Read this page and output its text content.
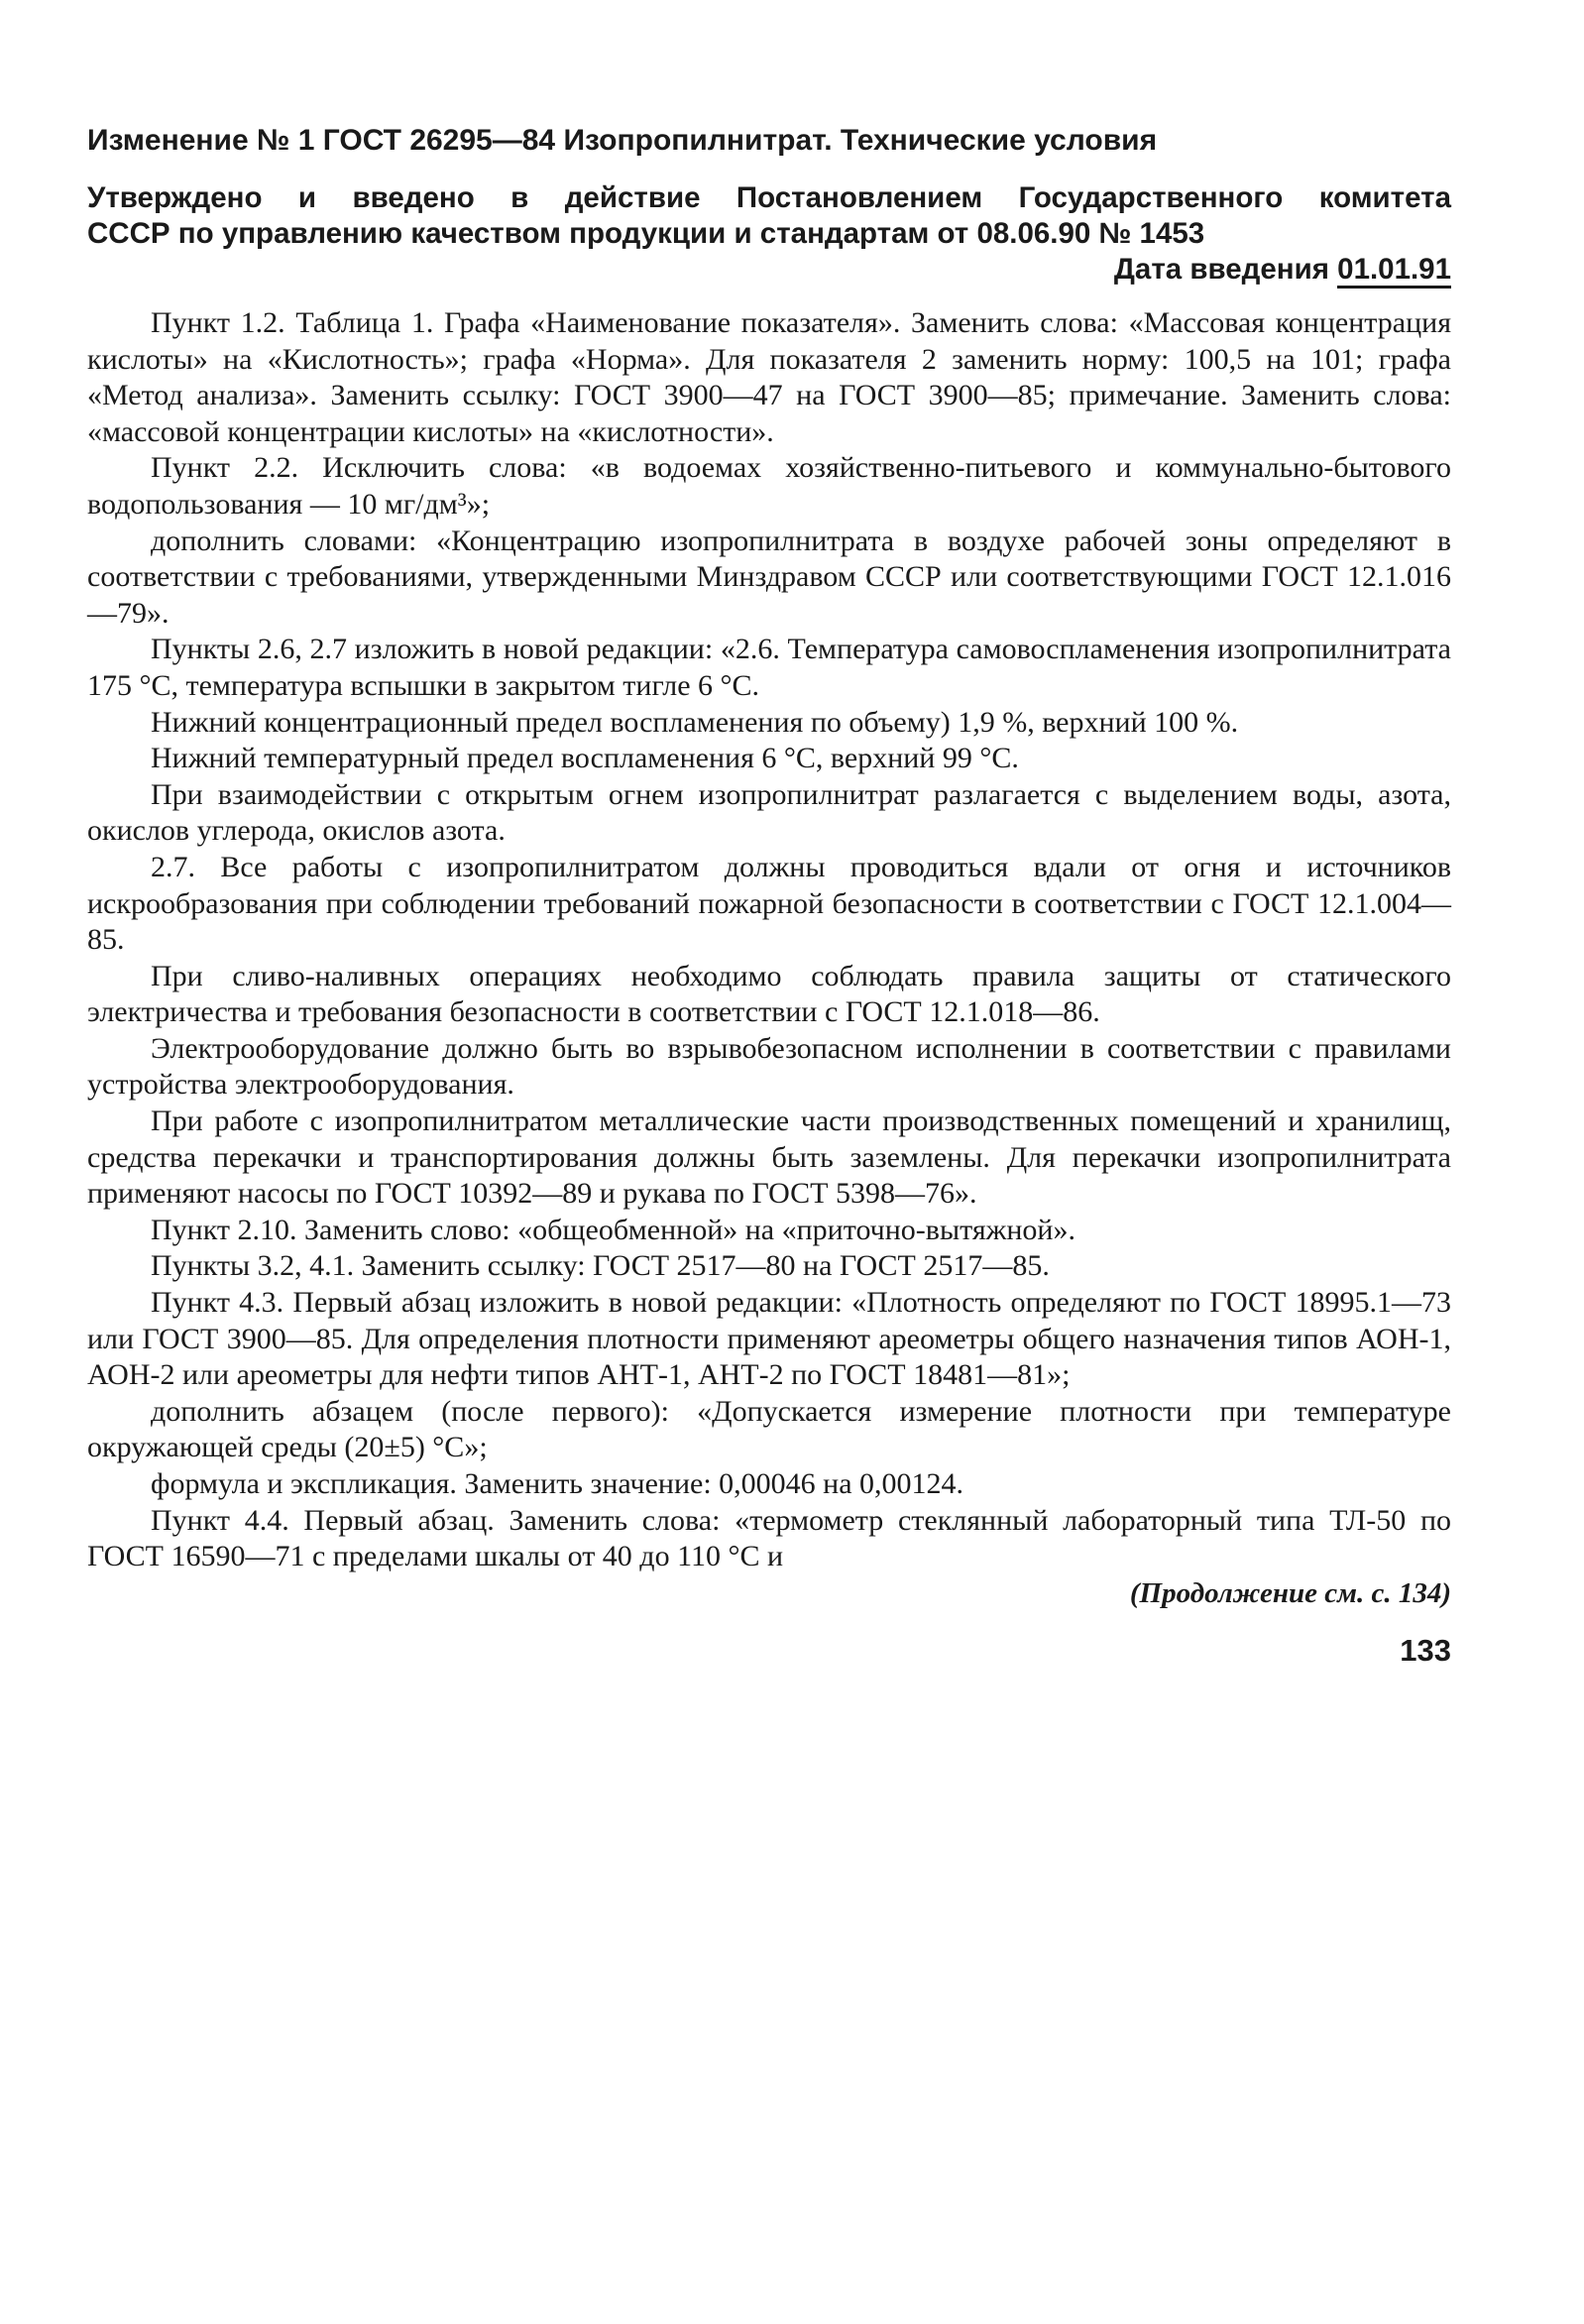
Изменение № 1 ГОСТ 26295—84 Изопропилнитрат. Технические условия
Утверждено и введено в действие Постановлением Государственного комитета
СССР по управлению качеством продукции и стандартам от 08.06.90 № 1453
Дата введения 01.01.91

Пункт 1.2. Таблица 1. Графа «Наименование показателя». Заменить слова: «Массовая концентрация кислоты» на «Кислотность»; графа «Норма». Для показателя 2 заменить норму: 100,5 на 101; графа «Метод анализа». Заменить ссылку: ГОСТ 3900—47 на ГОСТ 3900—85; примечание. Заменить слова: «массовой концентрации кислоты» на «кислотности».

Пункт 2.2. Исключить слова: «в водоемах хозяйственно-питьевого и коммунально-бытового водопользования — 10 мг/дм³»;

дополнить словами: «Концентрацию изопропилнитрата в воздухе рабочей зоны определяют в соответствии с требованиями, утвержденными Минздравом СССР или соответствующими ГОСТ 12.1.016—79».

Пункты 2.6, 2.7 изложить в новой редакции: «2.6. Температура самовоспламенения изопропилнитрата 175 °С, температура вспышки в закрытом тигле 6 °С.

Нижний концентрационный предел воспламенения по объему) 1,9 %, верхний 100 %.

Нижний температурный предел воспламенения 6 °С, верхний 99 °С.

При взаимодействии с открытым огнем изопропилнитрат разлагается с выделением воды, азота, окислов углерода, окислов азота.

2.7. Все работы с изопропилнитратом должны проводиться вдали от огня и источников искрообразования при соблюдении требований пожарной безопасности в соответствии с ГОСТ 12.1.004—85.

При сливо-наливных операциях необходимо соблюдать правила защиты от статического электричества и требования безопасности в соответствии с ГОСТ 12.1.018—86.

Электрооборудование должно быть во взрывобезопасном исполнении в соответствии с правилами устройства электрооборудования.

При работе с изопропилнитратом металлические части производственных помещений и хранилищ, средства перекачки и транспортирования должны быть заземлены. Для перекачки изопропилнитрата применяют насосы по ГОСТ 10392—89 и рукава по ГОСТ 5398—76».

Пункт 2.10. Заменить слово: «общеобменной» на «приточно-вытяжной».

Пункты 3.2, 4.1. Заменить ссылку: ГОСТ 2517—80 на ГОСТ 2517—85.

Пункт 4.3. Первый абзац изложить в новой редакции: «Плотность определяют по ГОСТ 18995.1—73 или ГОСТ 3900—85. Для определения плотности применяют ареометры общего назначения типов АОН-1, АОН-2 или ареометры для нефти типов АНТ-1, АНТ-2 по ГОСТ 18481—81»;

дополнить абзацем (после первого): «Допускается измерение плотности при температуре окружающей среды (20±5) °С»;

формула и экспликация. Заменить значение: 0,00046 на 0,00124.

Пункт 4.4. Первый абзац. Заменить слова: «термометр стеклянный лабораторный типа ТЛ-50 по ГОСТ 16590—71 с пределами шкалы от 40 до 110 °С и

(Продолжение см. с. 134)
133
